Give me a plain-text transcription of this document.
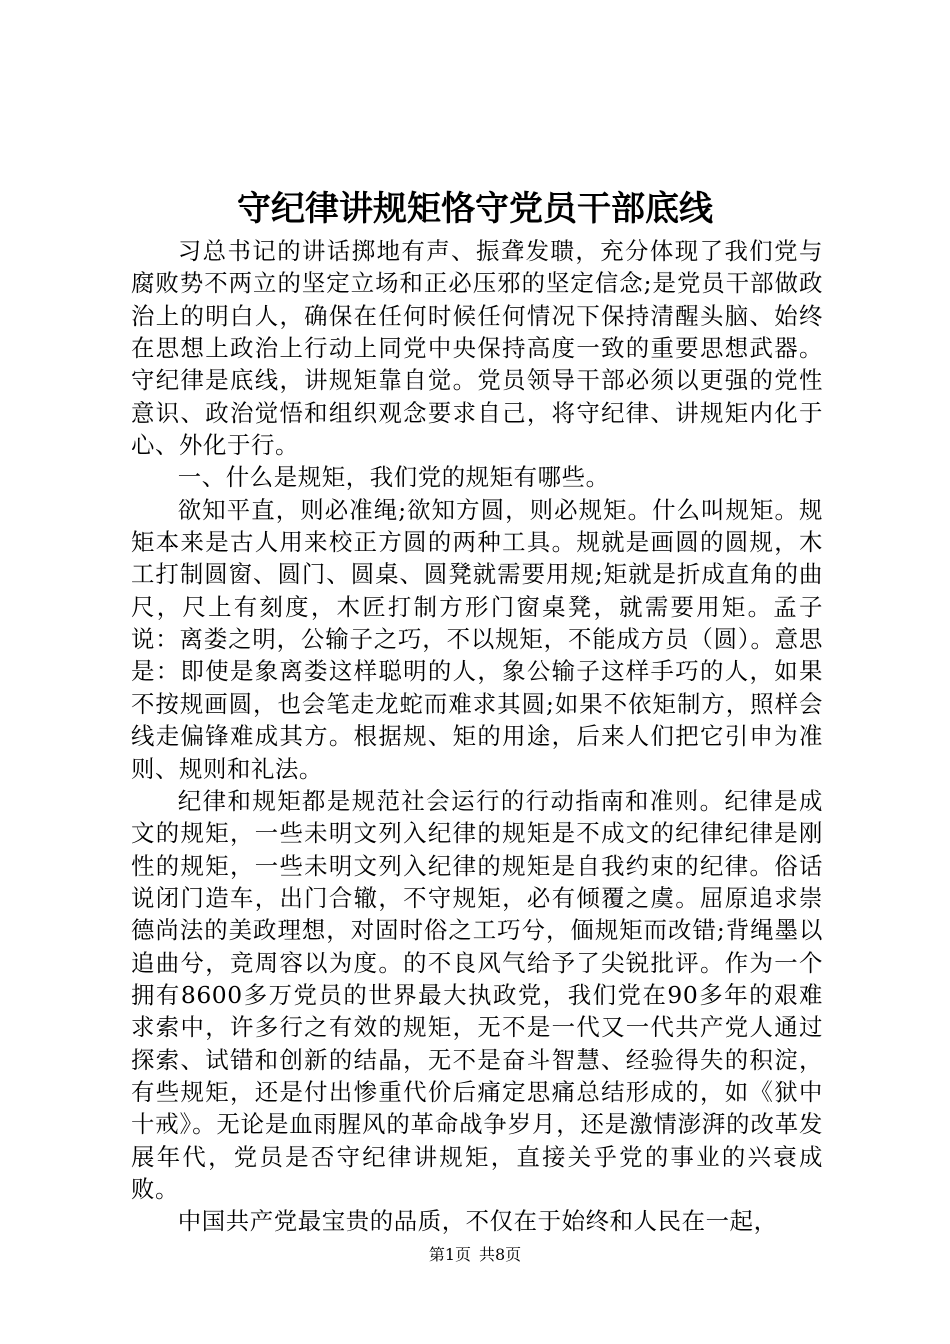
守纪律讲规矩恪守党员干部底线

习总书记的讲话掷地有声、振聋发聩，充分体现了我们党与腐败势不两立的坚定立场和正必压邪的坚定信念;是党员干部做政治上的明白人，确保在任何时候任何情况下保持清醒头脑、始终在思想上政治上行动上同党中央保持高度一致的重要思想武器。守纪律是底线，讲规矩靠自觉。党员领导干部必须以更强的党性意识、政治觉悟和组织观念要求自己，将守纪律、讲规矩内化于心、外化于行。

一、什么是规矩，我们党的规矩有哪些。

欲知平直，则必准绳;欲知方圆，则必规矩。什么叫规矩。规矩本来是古人用来校正方圆的两种工具。规就是画圆的圆规，木工打制圆窗、圆门、圆桌、圆凳就需要用规;矩就是折成直角的曲尺，尺上有刻度，木匠打制方形门窗桌凳，就需要用矩。孟子说：离娄之明，公输子之巧，不以规矩，不能成方员（圆）。意思是：即使是象离娄这样聪明的人，象公输子这样手巧的人，如果不按规画圆，也会笔走龙蛇而难求其圆;如果不依矩制方，照样会线走偏锋难成其方。根据规、矩的用途，后来人们把它引申为准则、规则和礼法。

纪律和规矩都是规范社会运行的行动指南和准则。纪律是成文的规矩，一些未明文列入纪律的规矩是不成文的纪律纪律是刚性的规矩，一些未明文列入纪律的规矩是自我约束的纪律。俗话说闭门造车，出门合辙，不守规矩，必有倾覆之虞。屈原追求崇德尚法的美政理想，对固时俗之工巧兮，偭规矩而改错;背绳墨以追曲兮，竞周容以为度。的不良风气给予了尖锐批评。作为一个拥有8600多万党员的世界最大执政党，我们党在90多年的艰难求索中，许多行之有效的规矩，无不是一代又一代共产党人通过探索、试错和创新的结晶，无不是奋斗智慧、经验得失的积淀，有些规矩，还是付出惨重代价后痛定思痛总结形成的，如《狱中十戒》。无论是血雨腥风的革命战争岁月，还是激情澎湃的改革发展年代，党员是否守纪律讲规矩，直接关乎党的事业的兴衰成败。

中国共产党最宝贵的品质，不仅在于始终和人民在一起，

第1页 共8页
